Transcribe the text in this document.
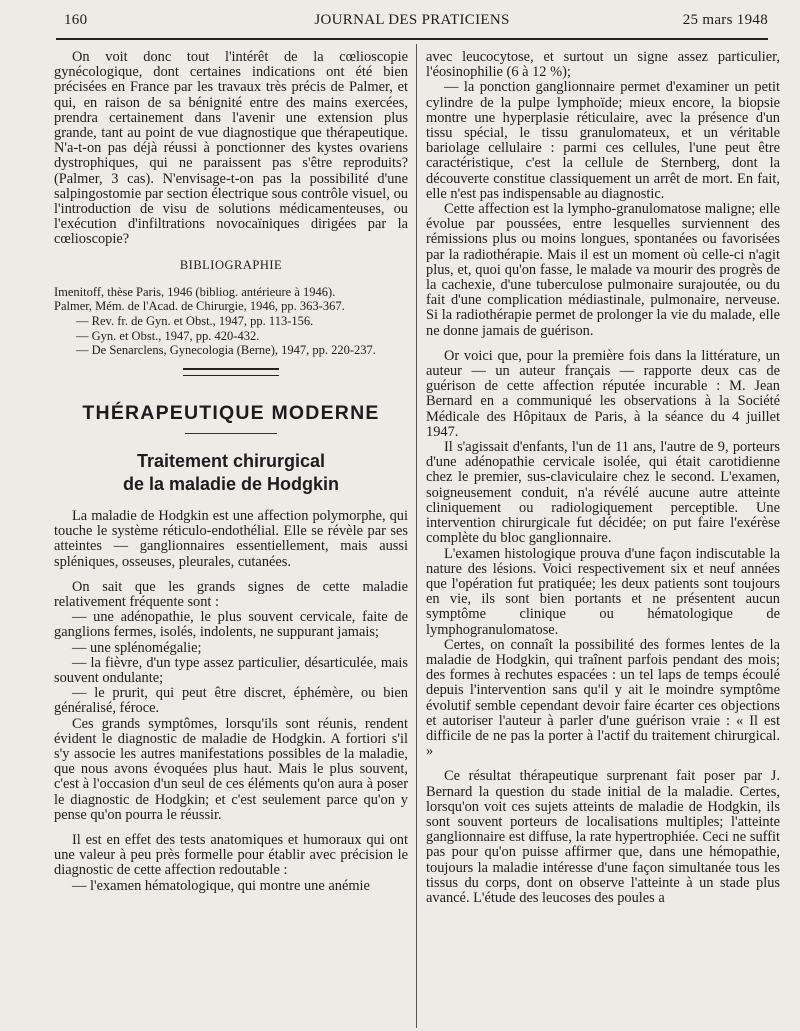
160	JOURNAL DES PRATICIENS	25 mars 1948

On voit donc tout l'intérêt de la cœlioscopie gynécologique, dont certaines indications ont été bien précisées en France par les travaux très précis de Palmer, et qui, en raison de sa bénignité entre des mains exercées, prendra certainement dans l'avenir une extension plus grande, tant au point de vue diagnostique que thérapeutique. N'a-t-on pas déjà réussi à ponctionner des kystes ovariens dystrophiques, qui ne paraissent pas s'être reproduits? (Palmer, 3 cas). N'envisage-t-on pas la possibilité d'une salpingostomie par section électrique sous contrôle visuel, ou l'introduction de visu de solutions médicamenteuses, ou l'exécution d'infiltrations novocaïniques dirigées par la cœlioscopie?

BIBLIOGRAPHIE

Imenitoff, thèse Paris, 1946 (bibliog. antérieure à 1946).

Palmer, Mém. de l'Acad. de Chirurgie, 1946, pp. 363-367.

— Rev. fr. de Gyn. et Obst., 1947, pp. 113-156.

— Gyn. et Obst., 1947, pp. 420-432.

— De Senarclens, Gynecologia (Berne), 1947, pp. 220-237.

THÉRAPEUTIQUE MODERNE
Traitement chirurgical
de la maladie de Hodgkin

La maladie de Hodgkin est une affection polymorphe, qui touche le système réticulo-endothélial. Elle se révèle par ses atteintes — ganglionnaires essentiellement, mais aussi spléniques, osseuses, pleurales, cutanées.

On sait que les grands signes de cette maladie relativement fréquente sont :

— une adénopathie, le plus souvent cervicale, faite de ganglions fermes, isolés, indolents, ne suppurant jamais;

— une splénomégalie;

— la fièvre, d'un type assez particulier, désarticulée, mais souvent ondulante;

— le prurit, qui peut être discret, éphémère, ou bien généralisé, féroce.

Ces grands symptômes, lorsqu'ils sont réunis, rendent évident le diagnostic de maladie de Hodgkin. A fortiori s'il s'y associe les autres manifestations possibles de la maladie, que nous avons évoquées plus haut. Mais le plus souvent, c'est à l'occasion d'un seul de ces éléments qu'on aura à poser le diagnostic de Hodgkin; et c'est seulement parce qu'on y pense qu'on pourra le réussir.

Il est en effet des tests anatomiques et humoraux qui ont une valeur à peu près formelle pour établir avec précision le diagnostic de cette affection redoutable :

— l'examen hématologique, qui montre une anémie

avec leucocytose, et surtout un signe assez particulier, l'éosinophilie (6 à 12 %);

— la ponction ganglionnaire permet d'examiner un petit cylindre de la pulpe lymphoïde; mieux encore, la biopsie montre une hyperplasie réticulaire, avec la présence d'un tissu spécial, le tissu granulomateux, et un véritable bariolage cellulaire : parmi ces cellules, l'une peut être caractéristique, c'est la cellule de Sternberg, dont la découverte constitue classiquement un arrêt de mort. En fait, elle n'est pas indispensable au diagnostic.

Cette affection est la lympho-granulomatose maligne; elle évolue par poussées, entre lesquelles surviennent des rémissions plus ou moins longues, spontanées ou favorisées par la radiothérapie. Mais il est un moment où celle-ci n'agit plus, et, quoi qu'on fasse, le malade va mourir des progrès de la cachexie, d'une tuberculose pulmonaire surajoutée, ou du fait d'une complication médiastinale, pulmonaire, nerveuse. Si la radiothérapie permet de prolonger la vie du malade, elle ne donne jamais de guérison.

Or voici que, pour la première fois dans la littérature, un auteur — un auteur français — rapporte deux cas de guérison de cette affection réputée incurable : M. Jean Bernard en a communiqué les observations à la Société Médicale des Hôpitaux de Paris, à la séance du 4 juillet 1947.

Il s'agissait d'enfants, l'un de 11 ans, l'autre de 9, porteurs d'une adénopathie cervicale isolée, qui était carotidienne chez le premier, sus-claviculaire chez le second. L'examen, soigneusement conduit, n'a révélé aucune autre atteinte cliniquement ou radiologiquement perceptible. Une intervention chirurgicale fut décidée; on put faire l'exérèse complète du bloc ganglionnaire.

L'examen histologique prouva d'une façon indiscutable la nature des lésions. Voici respectivement six et neuf années que l'opération fut pratiquée; les deux patients sont toujours en vie, ils sont bien portants et ne présentent aucun symptôme clinique ou hématologique de lymphogranulomatose.

Certes, on connaît la possibilité des formes lentes de la maladie de Hodgkin, qui traînent parfois pendant des mois; des formes à rechutes espacées : un tel laps de temps écoulé depuis l'intervention sans qu'il y ait le moindre symptôme évolutif semble cependant devoir faire écarter ces objections et autoriser l'auteur à parler d'une guérison vraie : « Il est difficile de ne pas la porter à l'actif du traitement chirurgical. »

Ce résultat thérapeutique surprenant fait poser par J. Bernard la question du stade initial de la maladie. Certes, lorsqu'on voit ces sujets atteints de maladie de Hodgkin, ils sont souvent porteurs de localisations multiples; l'atteinte ganglionnaire est diffuse, la rate hypertrophiée. Ceci ne suffit pas pour qu'on puisse affirmer que, dans une hémopathie, toujours la maladie intéresse d'une façon simultanée tous les tissus du corps, dont on observe l'atteinte à un stade plus avancé. L'étude des leucoses des poules a
